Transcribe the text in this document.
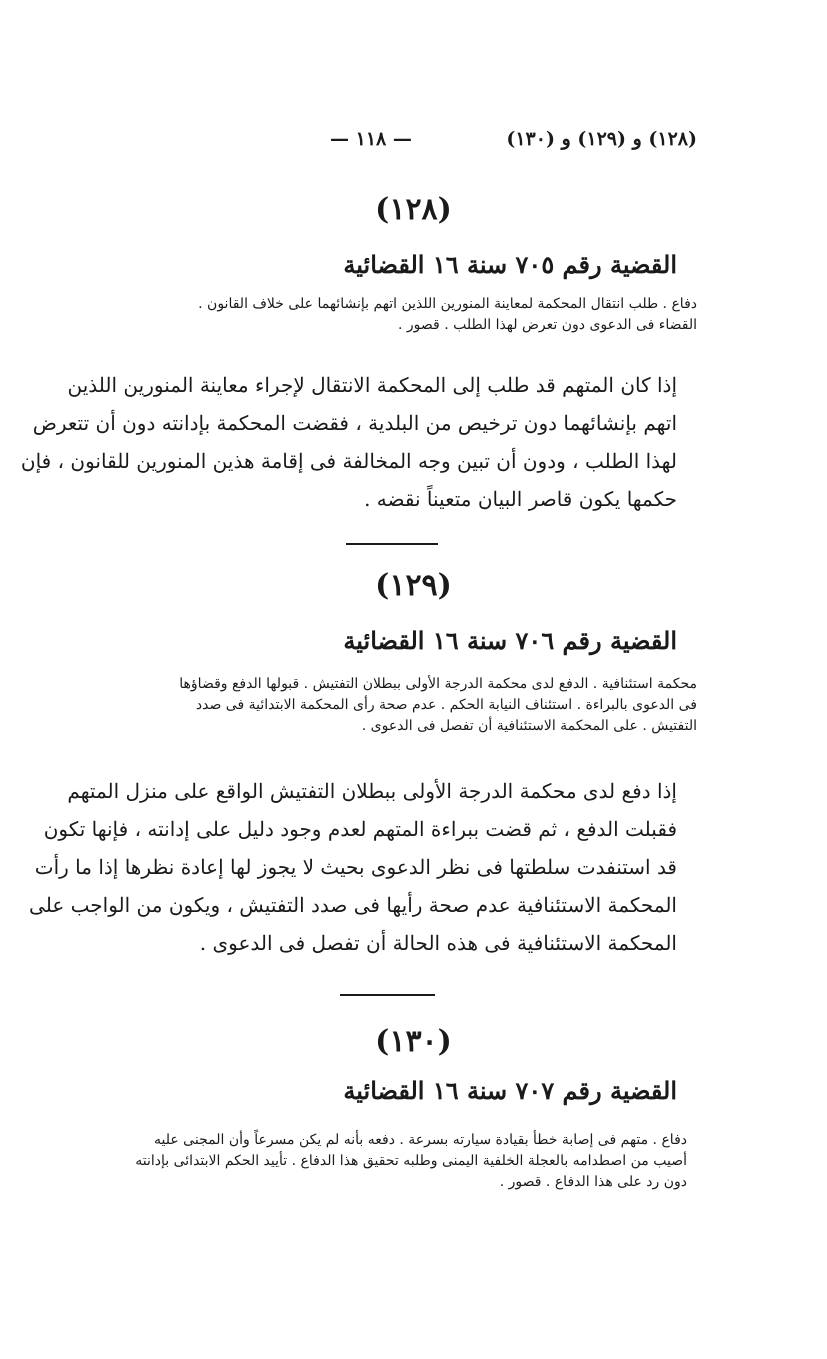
(١٢٨) و (١٢٩) و (١٣٠)
— ١١٨ —
(١٢٨)
القضية رقم ٧٠٥ سنة ١٦ القضائية
دفاع . طلب انتقال المحكمة لمعاينة المنورين اللذين اتهم بإنشائهما على خلاف القانون .
القضاء فى الدعوى دون تعرض لهذا الطلب . قصور .
إذا كان المتهم قد طلب إلى المحكمة الانتقال لإجراء معاينة المنورين اللذين
اتهم بإنشائهما دون ترخيص من البلدية ، فقضت المحكمة بإدانته دون أن تتعرض
لهذا الطلب ، ودون أن تبين وجه المخالفة فى إقامة هذين المنورين للقانون ، فإن
حكمها يكون قاصر البيان متعيناً نقضه .
(١٢٩)
القضية رقم ٧٠٦ سنة ١٦ القضائية
محكمة استئنافية . الدفع لدى محكمة الدرجة الأولى ببطلان التفتيش . قبولها الدفع وقضاؤها
فى الدعوى بالبراءة . استئناف النيابة الحكم . عدم صحة رأى المحكمة الابتدائية فى صدد
التفتيش . على المحكمة الاستئنافية أن تفصل فى الدعوى .
إذا دفع لدى محكمة الدرجة الأولى ببطلان التفتيش الواقع على منزل المتهم
فقبلت الدفع ، ثم قضت ببراءة المتهم لعدم وجود دليل على إدانته ، فإنها تكون
قد استنفدت سلطتها فى نظر الدعوى بحيث لا يجوز لها إعادة نظرها إذا ما رأت
المحكمة الاستئنافية عدم صحة رأيها فى صدد التفتيش ، ويكون من الواجب على
المحكمة الاستئنافية فى هذه الحالة أن تفصل فى الدعوى .
(١٣٠)
القضية رقم ٧٠٧ سنة ١٦ القضائية
دفاع . متهم فى إصابة خطأ بقيادة سيارته بسرعة . دفعه بأنه لم يكن مسرعاً وأن المجنى عليه
أصيب من اصطدامه بالعجلة الخلفية اليمنى وطلبه تحقيق هذا الدفاع . تأييد الحكم الابتدائى بإدانته
دون رد على هذا الدفاع . قصور .
